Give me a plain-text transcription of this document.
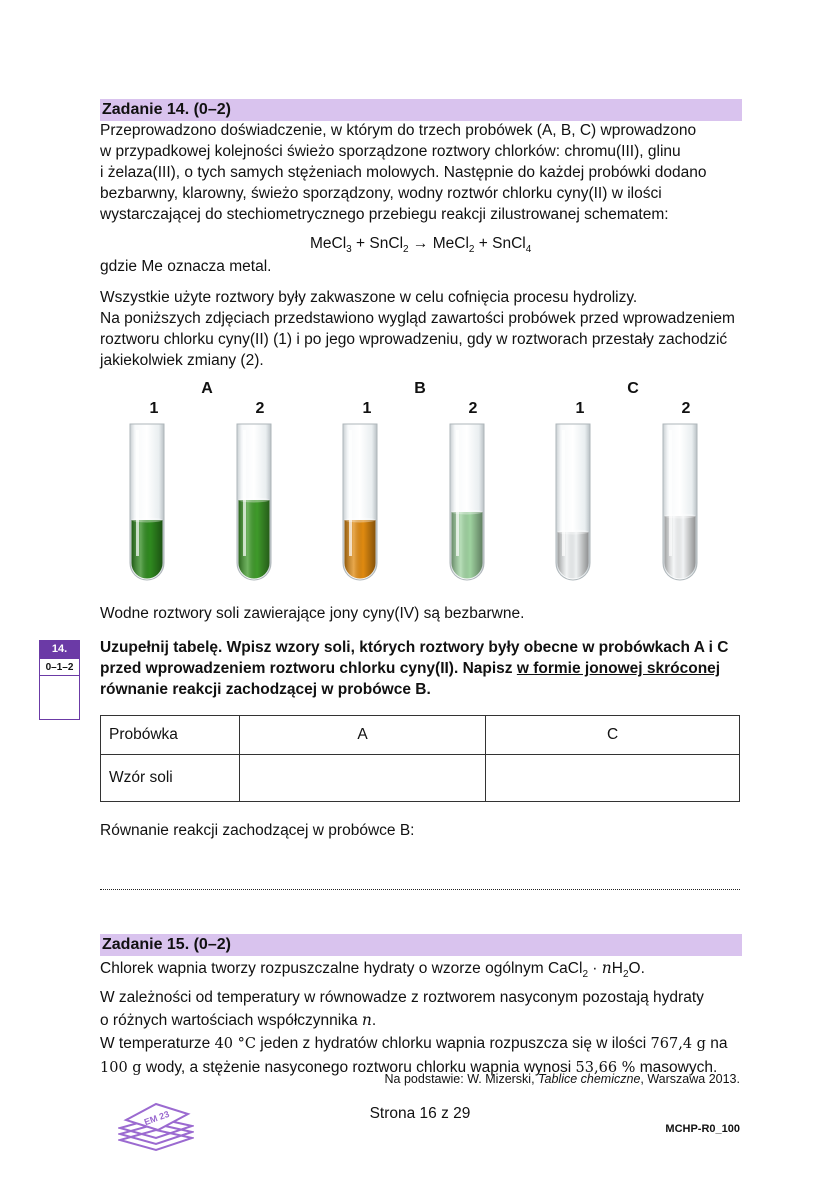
Zadanie 14. (0–2)
Przeprowadzono doświadczenie, w którym do trzech probówek (A, B, C) wprowadzono
w przypadkowej kolejności świeżo sporządzone roztwory chlorków: chromu(III), glinu
i żelaza(III), o tych samych stężeniach molowych. Następnie do każdej probówki dodano
bezbarwny, klarowny, świeżo sporządzony, wodny roztwór chlorku cyny(II) w ilości
wystarczającej do stechiometrycznego przebiegu reakcji zilustrowanej schematem:
MeCl$_3$ + SnCl$_2$ → MeCl$_2$ + SnCl$_4$
gdzie Me oznacza metal.
Wszystkie użyte roztwory były zakwaszone w celu cofnięcia procesu hydrolizy.
Na poniższych zdjęciach przedstawiono wygląd zawartości probówek przed wprowadzeniem
roztworu chlorku cyny(II) (1) i po jego wprowadzeniu, gdy w roztworach przestały zachodzić
jakiekolwiek zmiany (2).
A	B	C
1	2	1	2	1	2
Wodne roztwory soli zawierające jony cyny(IV) są bezbarwne.
14.
0–1–2
Uzupełnij tabelę. Wpisz wzory soli, których roztwory były obecne w probówkach A i C
przed wprowadzeniem roztworu chlorku cyny(II). Napisz w formie jonowej skróconej
równanie reakcji zachodzącej w probówce B.
Probówka	A	C
Wzór soli		
Równanie reakcji zachodzącej w probówce B:
Zadanie 15. (0–2)
Chlorek wapnia tworzy rozpuszczalne hydraty o wzorze ogólnym CaCl$_2$ · $nH_2O$.
W zależności od temperatury w równowadze z roztworem nasyconym pozostają hydraty
o różnych wartościach współczynnika n.
W temperaturze 40 °C jeden z hydratów chlorku wapnia rozpuszcza się w ilości 767,4 g na
100 g wody, a stężenie nasyconego roztworu chlorku wapnia wynosi 53,66 % masowych.
Na podstawie: W. Mizerski, Tablice chemiczne, Warszawa 2013.
EM 23	Strona 16 z 29
MCHP-R0_100
